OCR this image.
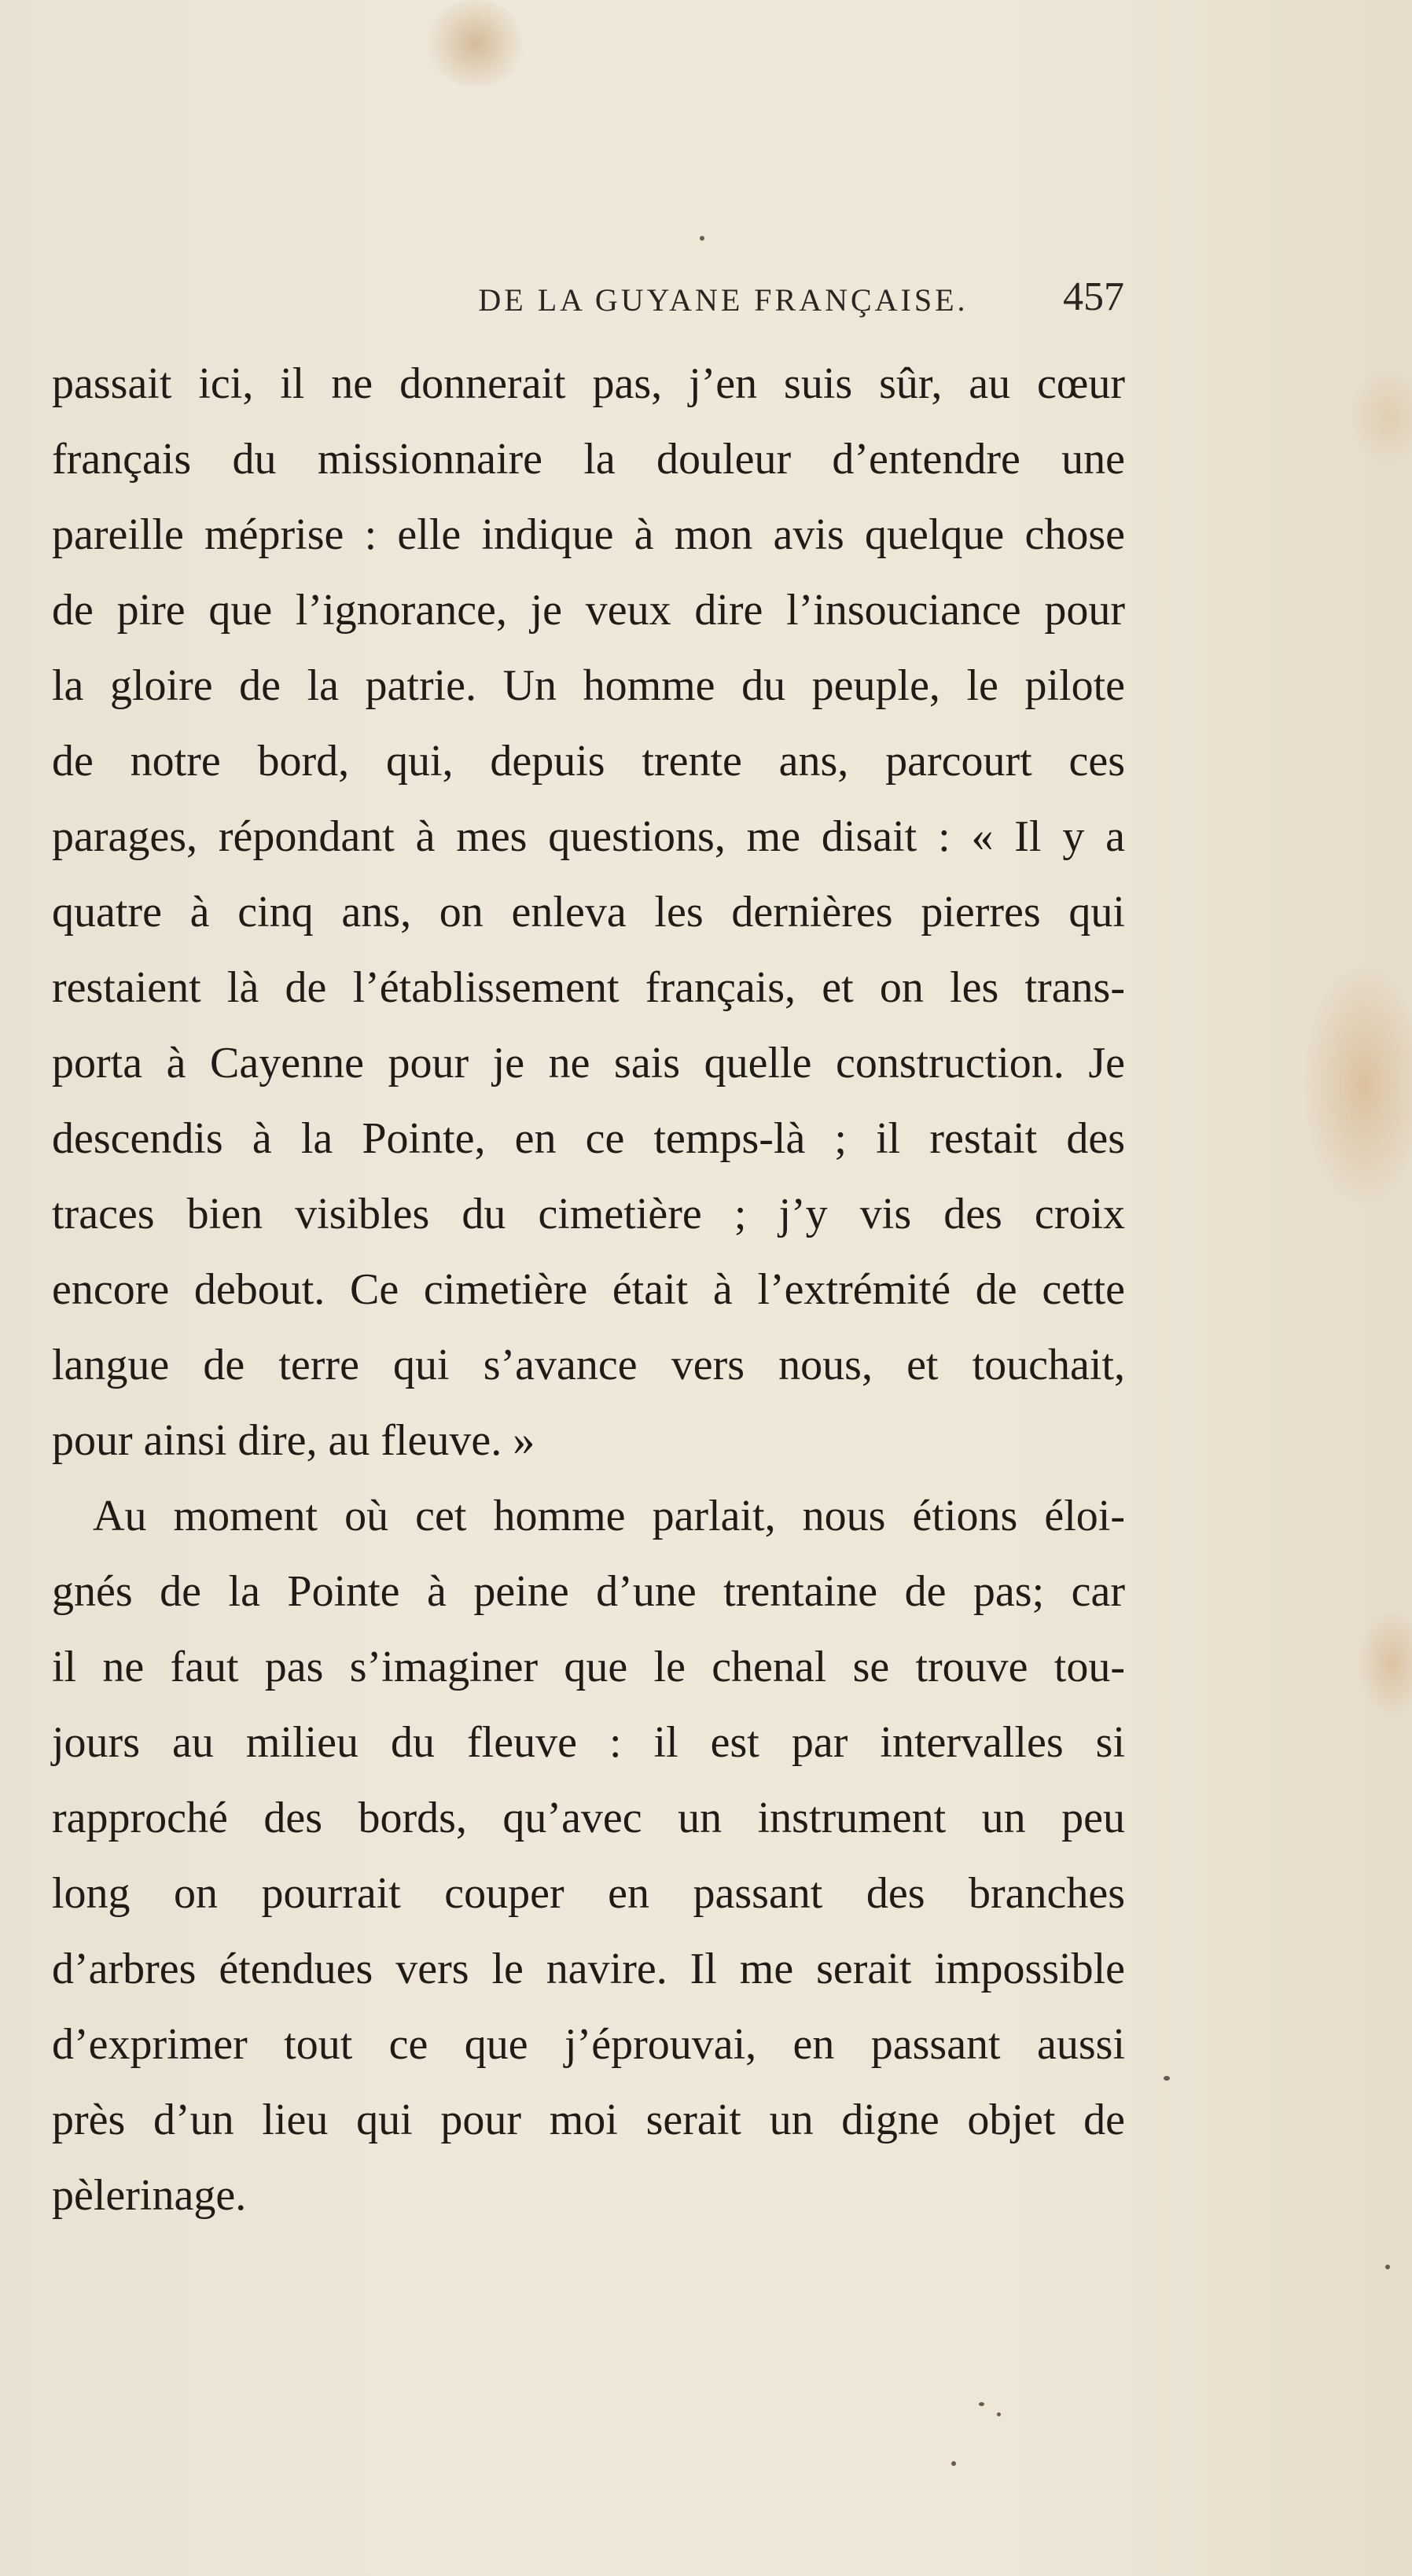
DE LA GUYANE FRANÇAISE.	457
passait ici, il ne donnerait pas, j’en suis sûr, au cœur
français du missionnaire la douleur d’entendre une
pareille méprise : elle indique à mon avis quelque chose
de pire que l’ignorance, je veux dire l’insouciance pour
la gloire de la patrie. Un homme du peuple, le pilote
de notre bord, qui, depuis trente ans, parcourt ces
parages, répondant à mes questions, me disait : « Il y a
quatre à cinq ans, on enleva les dernières pierres qui
restaient là de l’établissement français, et on les trans-
porta à Cayenne pour je ne sais quelle construction. Je
descendis à la Pointe, en ce temps-là ; il restait des
traces bien visibles du cimetière ; j’y vis des croix
encore debout. Ce cimetière était à l’extrémité de cette
langue de terre qui s’avance vers nous, et touchait,
pour ainsi dire, au fleuve. »
Au moment où cet homme parlait, nous étions éloi-
gnés de la Pointe à peine d’une trentaine de pas; car
il ne faut pas s’imaginer que le chenal se trouve tou-
jours au milieu du fleuve : il est par intervalles si
rapproché des bords, qu’avec un instrument un peu
long on pourrait couper en passant des branches
d’arbres étendues vers le navire. Il me serait impossible
d’exprimer tout ce que j’éprouvai, en passant aussi
près d’un lieu qui pour moi serait un digne objet de
pèlerinage.
